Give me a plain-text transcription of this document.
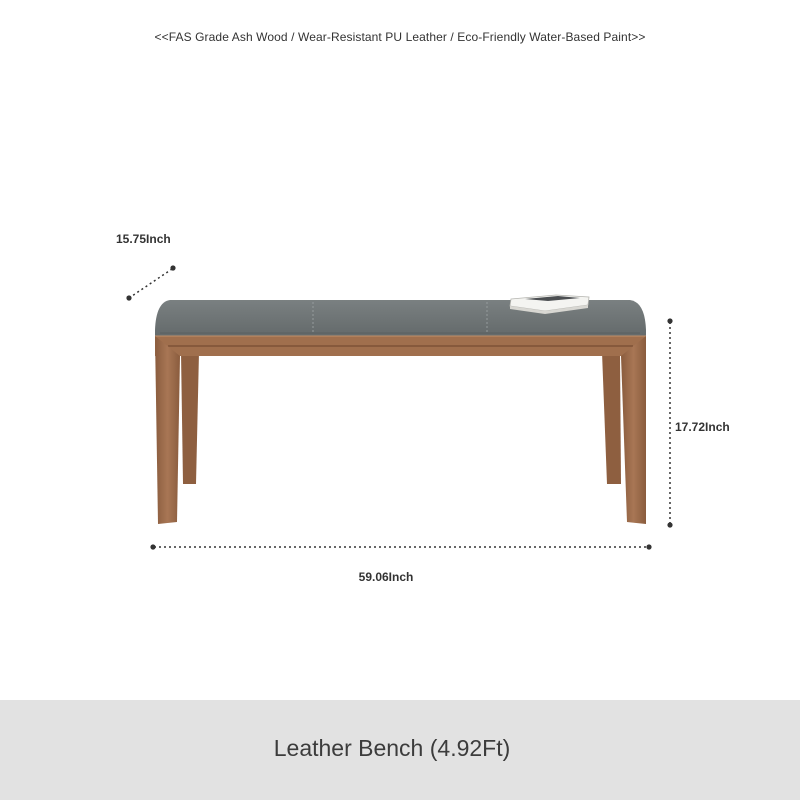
<<FAS Grade Ash Wood / Wear-Resistant PU Leather / Eco-Friendly Water-Based Paint>>
15.75Inch
17.72Inch
59.06Inch
Leather Bench (4.92Ft)
